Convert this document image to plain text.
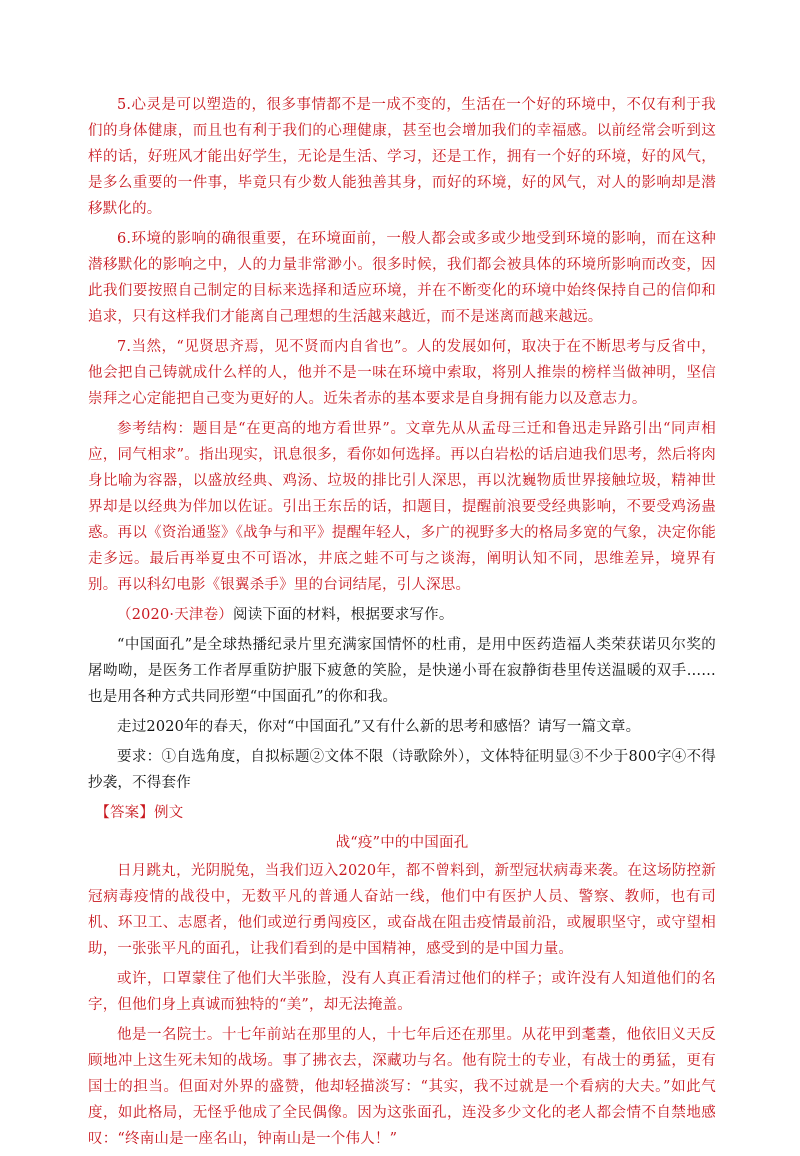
5.心灵是可以塑造的，很多事情都不是一成不变的，生活在一个好的环境中，不仅有利于我们的身体健康，而且也有利于我们的心理健康，甚至也会增加我们的幸福感。以前经常会听到这样的话，好班风才能出好学生，无论是生活、学习，还是工作，拥有一个好的环境，好的风气，是多么重要的一件事，毕竟只有少数人能独善其身，而好的环境，好的风气，对人的影响却是潜移默化的。

6.环境的影响的确很重要，在环境面前，一般人都会或多或少地受到环境的影响，而在这种潜移默化的影响之中，人的力量非常渺小。很多时候，我们都会被具体的环境所影响而改变，因此我们要按照自己制定的目标来选择和适应环境，并在不断变化的环境中始终保持自己的信仰和追求，只有这样我们才能离自己理想的生活越来越近，而不是迷离而越来越远。

7.当然，“见贤思齐焉，见不贤而内自省也”。人的发展如何，取决于在不断思考与反省中，他会把自己铸就成什么样的人，他并不是一味在环境中索取，将别人推崇的榜样当做神明，坚信崇拜之心定能把自己变为更好的人。近朱者赤的基本要求是自身拥有能力以及意志力。

参考结构：题目是“在更高的地方看世界”。文章先从从孟母三迁和鲁迅走异路引出“同声相应，同气相求”。指出现实，讯息很多，看你如何选择。再以白岩松的话启迪我们思考，然后将肉身比喻为容器，以盛放经典、鸡汤、垃圾的排比引人深思，再以沈巍物质世界接触垃圾，精神世界却是以经典为伴加以佐证。引出王东岳的话，扣题目，提醒前浪要受经典影响，不要受鸡汤蛊惑。再以《资治通鉴》《战争与和平》提醒年轻人，多广的视野多大的格局多宽的气象，决定你能走多远。最后再举夏虫不可语冰，井底之蛙不可与之谈海，阐明认知不同，思维差异，境界有别。再以科幻电影《银翼杀手》里的台词结尾，引人深思。

（2020·天津卷）阅读下面的材料，根据要求写作。

“中国面孔”是全球热播纪录片里充满家国情怀的杜甫，是用中医药造福人类荣获诺贝尔奖的屠呦呦，是医务工作者厚重防护服下疲惫的笑脸，是快递小哥在寂静街巷里传送温暖的双手……也是用各种方式共同形塑“中国面孔”的你和我。

走过2020年的春天，你对“中国面孔”又有什么新的思考和感悟？请写一篇文章。

要求：①自选角度，自拟标题②文体不限（诗歌除外），文体特征明显③不少于800字④不得抄袭，不得套作

【答案】例文

战“疫”中的中国面孔

日月跳丸，光阴脱兔，当我们迈入2020年，都不曾料到，新型冠状病毒来袭。在这场防控新冠病毒疫情的战役中，无数平凡的普通人奋站一线，他们中有医护人员、警察、教师，也有司机、环卫工、志愿者，他们或逆行勇闯疫区，或奋战在阻击疫情最前沿，或履职坚守，或守望相助，一张张平凡的面孔，让我们看到的是中国精神，感受到的是中国力量。

或许，口罩蒙住了他们大半张脸，没有人真正看清过他们的样子；或许没有人知道他们的名字，但他们身上真诚而独特的“美”，却无法掩盖。

他是一名院士。十七年前站在那里的人，十七年后还在那里。从花甲到耄耋，他依旧义天反顾地冲上这生死未知的战场。事了拂衣去，深藏功与名。他有院士的专业，有战士的勇猛，更有国士的担当。但面对外界的盛赞，他却轻描淡写：“其实，我不过就是一个看病的大夫。”如此气度，如此格局，无怪乎他成了全民偶像。因为这张面孔，连没多少文化的老人都会情不自禁地感叹：“终南山是一座名山，钟南山是一个伟人！”
